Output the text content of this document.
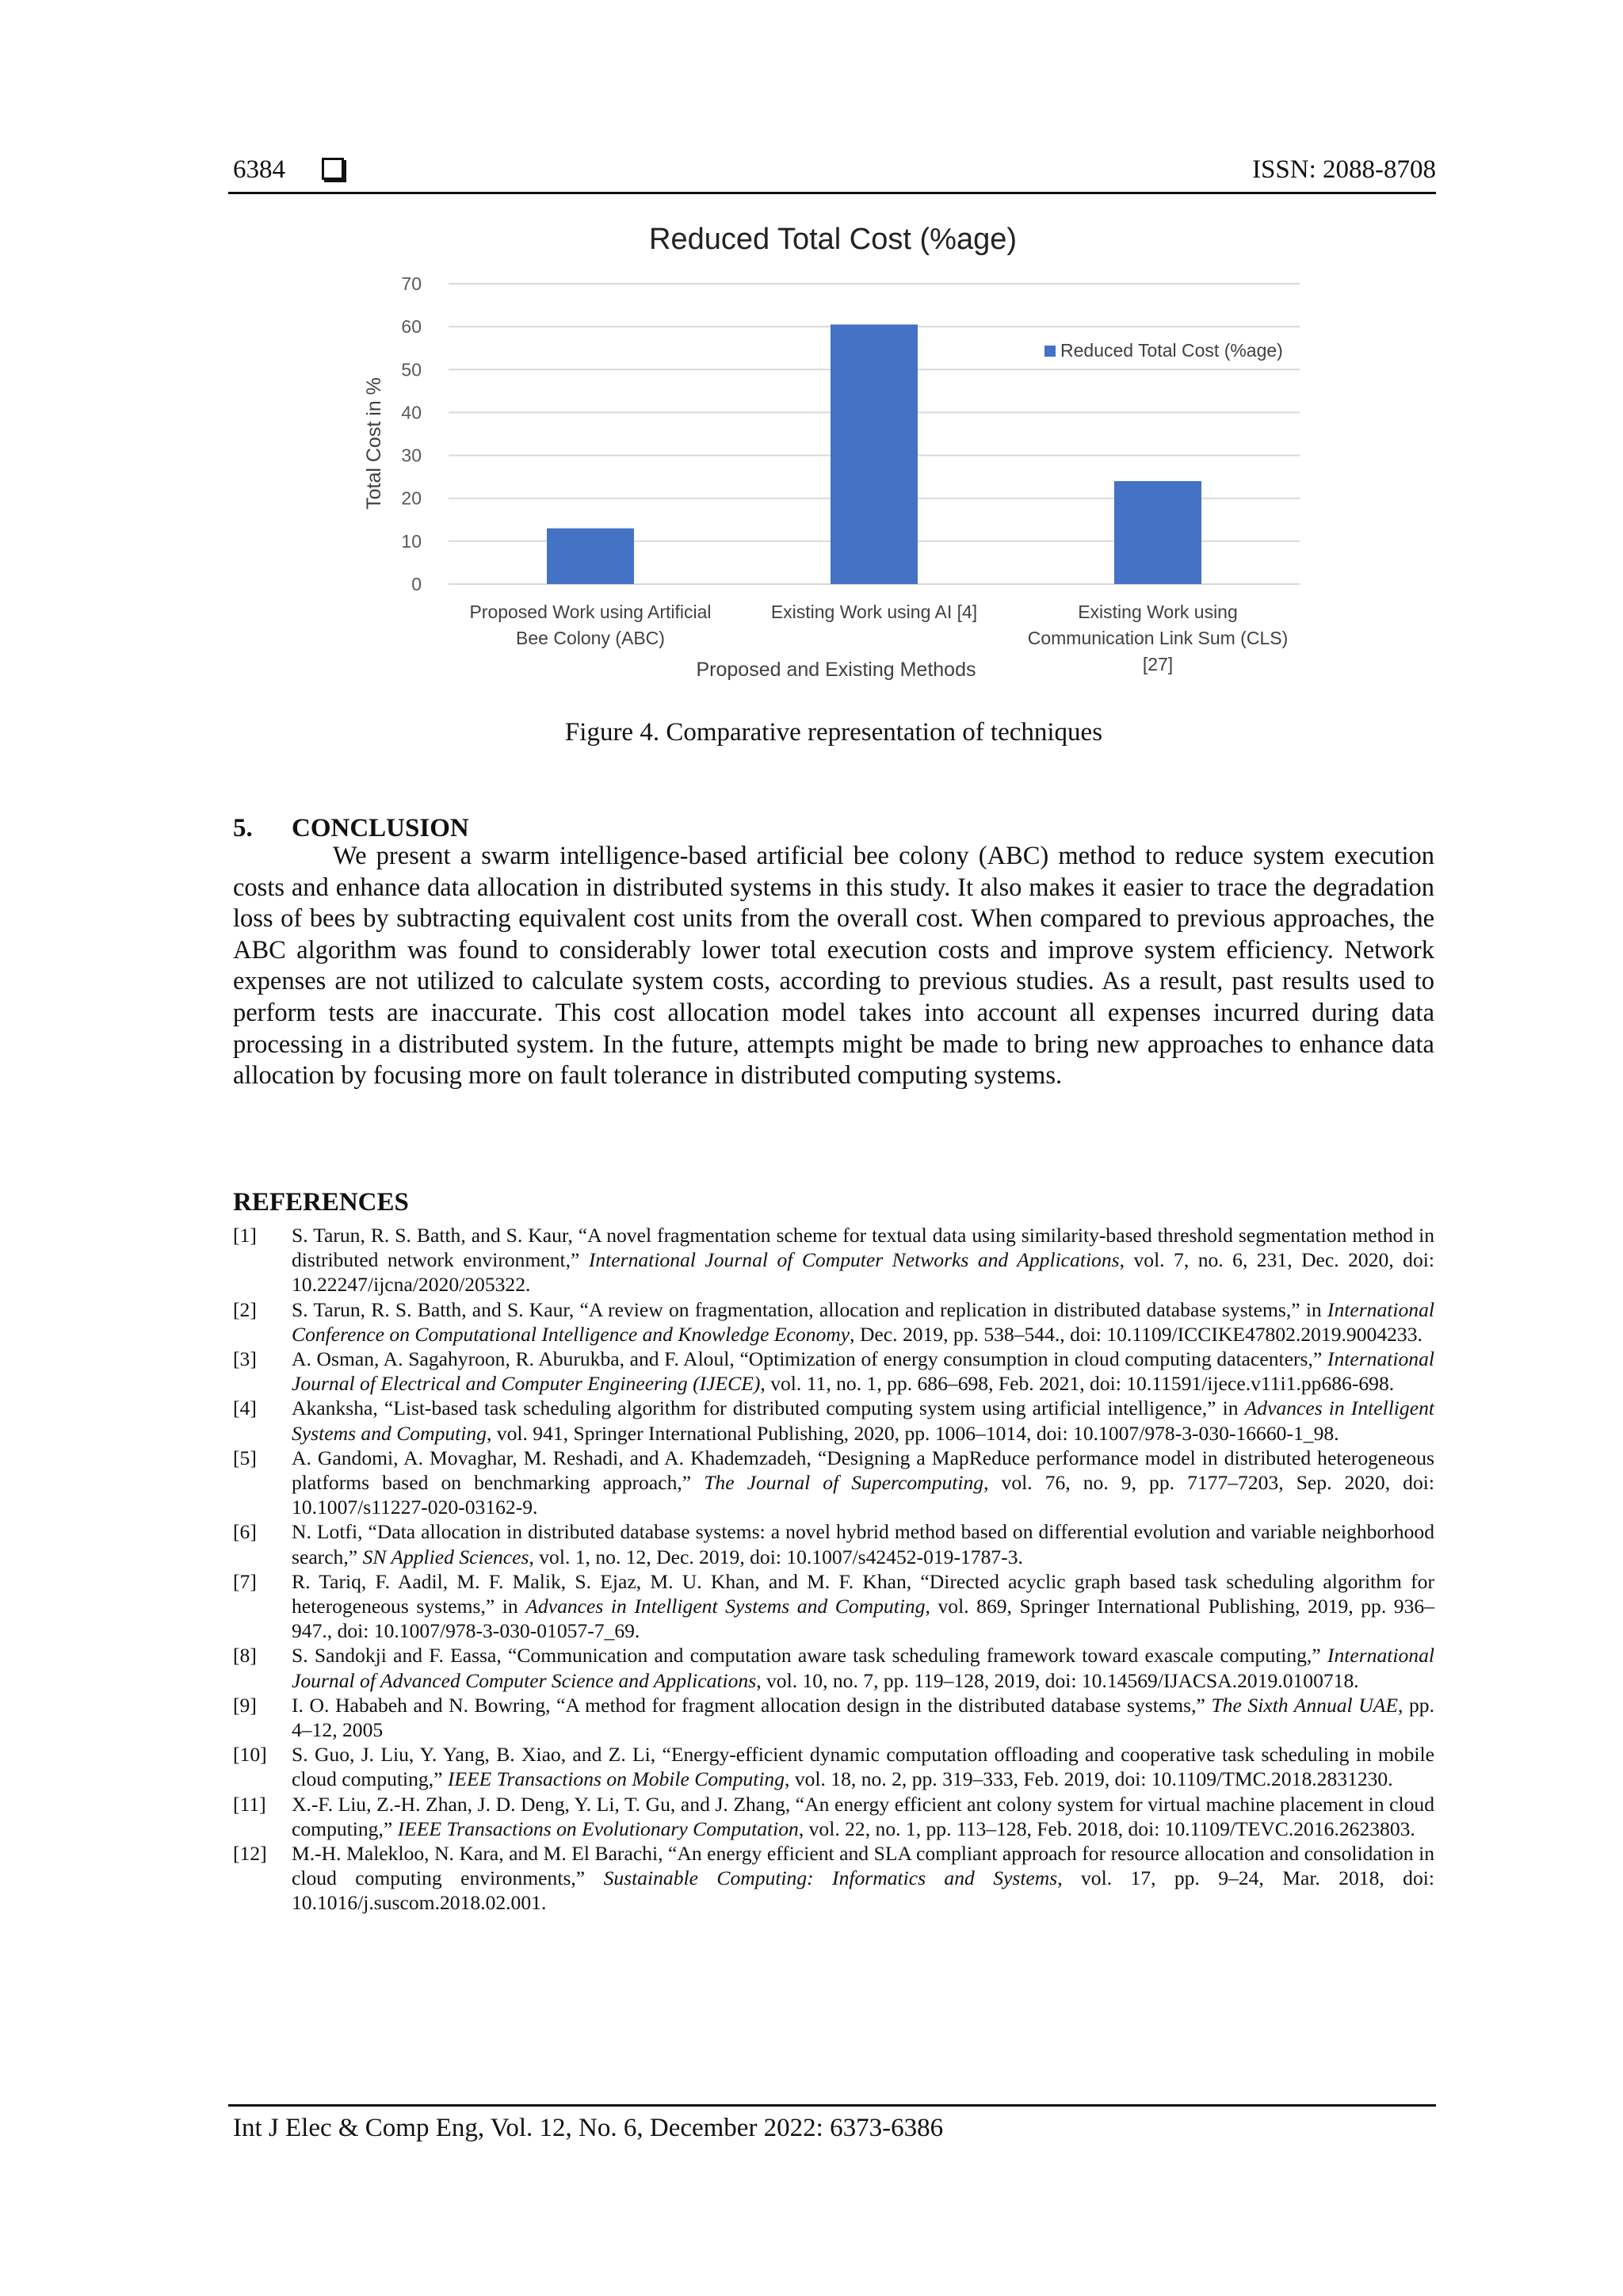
6384	ISSN: 2088-8708
Reduced Total Cost (%age)
0
10
20
30
40
50
60
70
Proposed Work using Artificial
Bee Colony (ABC)
Existing Work using AI [4]	Existing Work using
Communication Link Sum (CLS)
[27]
Proposed and Existing Methods
Total Cost in %
Reduced Total Cost (%age)
Figure 4. Comparative representation of techniques
5. CONCLUSION
We present a swarm intelligence-based artificial bee colony (ABC) method to reduce system execution costs and enhance data allocation in distributed systems in this study. It also makes it easier to trace the degradation loss of bees by subtracting equivalent cost units from the overall cost. When compared to previous approaches, the ABC algorithm was found to considerably lower total execution costs and improve system efficiency. Network expenses are not utilized to calculate system costs, according to previous studies. As a result, past results used to perform tests are inaccurate. This cost allocation model takes into account all expenses incurred during data processing in a distributed system. In the future, attempts might be made to bring new approaches to enhance data allocation by focusing more on fault tolerance in distributed computing systems.
REFERENCES
[1]	S. Tarun, R. S. Batth, and S. Kaur, “A novel fragmentation scheme for textual data using similarity-based threshold segmentation method in distributed network environment,” International Journal of Computer Networks and Applications, vol. 7, no. 6, 231, Dec. 2020, doi: 10.22247/ijcna/2020/205322.
[2]	S. Tarun, R. S. Batth, and S. Kaur, “A review on fragmentation, allocation and replication in distributed database systems,” in International Conference on Computational Intelligence and Knowledge Economy, Dec. 2019, pp. 538–544., doi: 10.1109/ICCIKE47802.2019.9004233.
[3]	A. Osman, A. Sagahyroon, R. Aburukba, and F. Aloul, “Optimization of energy consumption in cloud computing datacenters,” International Journal of Electrical and Computer Engineering (IJECE), vol. 11, no. 1, pp. 686–698, Feb. 2021, doi: 10.11591/ijece.v11i1.pp686-698.
[4]	Akanksha, “List-based task scheduling algorithm for distributed computing system using artificial intelligence,” in Advances in Intelligent Systems and Computing, vol. 941, Springer International Publishing, 2020, pp. 1006–1014, doi: 10.1007/978-3-030-16660-1_98.
[5]	A. Gandomi, A. Movaghar, M. Reshadi, and A. Khademzadeh, “Designing a MapReduce performance model in distributed heterogeneous platforms based on benchmarking approach,” The Journal of Supercomputing, vol. 76, no. 9, pp. 7177–7203, Sep. 2020, doi: 10.1007/s11227-020-03162-9.
[6]	N. Lotfi, “Data allocation in distributed database systems: a novel hybrid method based on differential evolution and variable neighborhood search,” SN Applied Sciences, vol. 1, no. 12, Dec. 2019, doi: 10.1007/s42452-019-1787-3.
[7]	R. Tariq, F. Aadil, M. F. Malik, S. Ejaz, M. U. Khan, and M. F. Khan, “Directed acyclic graph based task scheduling algorithm for heterogeneous systems,” in Advances in Intelligent Systems and Computing, vol. 869, Springer International Publishing, 2019, pp. 936–947., doi: 10.1007/978-3-030-01057-7_69.
[8]	S. Sandokji and F. Eassa, “Communication and computation aware task scheduling framework toward exascale computing,” International Journal of Advanced Computer Science and Applications, vol. 10, no. 7, pp. 119–128, 2019, doi: 10.14569/IJACSA.2019.0100718.
[9]	I. O. Hababeh and N. Bowring, “A method for fragment allocation design in the distributed database systems,” The Sixth Annual UAE, pp. 4–12, 2005
[10]	S. Guo, J. Liu, Y. Yang, B. Xiao, and Z. Li, “Energy-efficient dynamic computation offloading and cooperative task scheduling in mobile cloud computing,” IEEE Transactions on Mobile Computing, vol. 18, no. 2, pp. 319–333, Feb. 2019, doi: 10.1109/TMC.2018.2831230.
[11]	X.-F. Liu, Z.-H. Zhan, J. D. Deng, Y. Li, T. Gu, and J. Zhang, “An energy efficient ant colony system for virtual machine placement in cloud computing,” IEEE Transactions on Evolutionary Computation, vol. 22, no. 1, pp. 113–128, Feb. 2018, doi: 10.1109/TEVC.2016.2623803.
[12]	M.-H. Malekloo, N. Kara, and M. El Barachi, “An energy efficient and SLA compliant approach for resource allocation and consolidation in cloud computing environments,” Sustainable Computing: Informatics and Systems, vol. 17, pp. 9–24, Mar. 2018, doi: 10.1016/j.suscom.2018.02.001.
Int J Elec & Comp Eng, Vol. 12, No. 6, December 2022: 6373-6386
